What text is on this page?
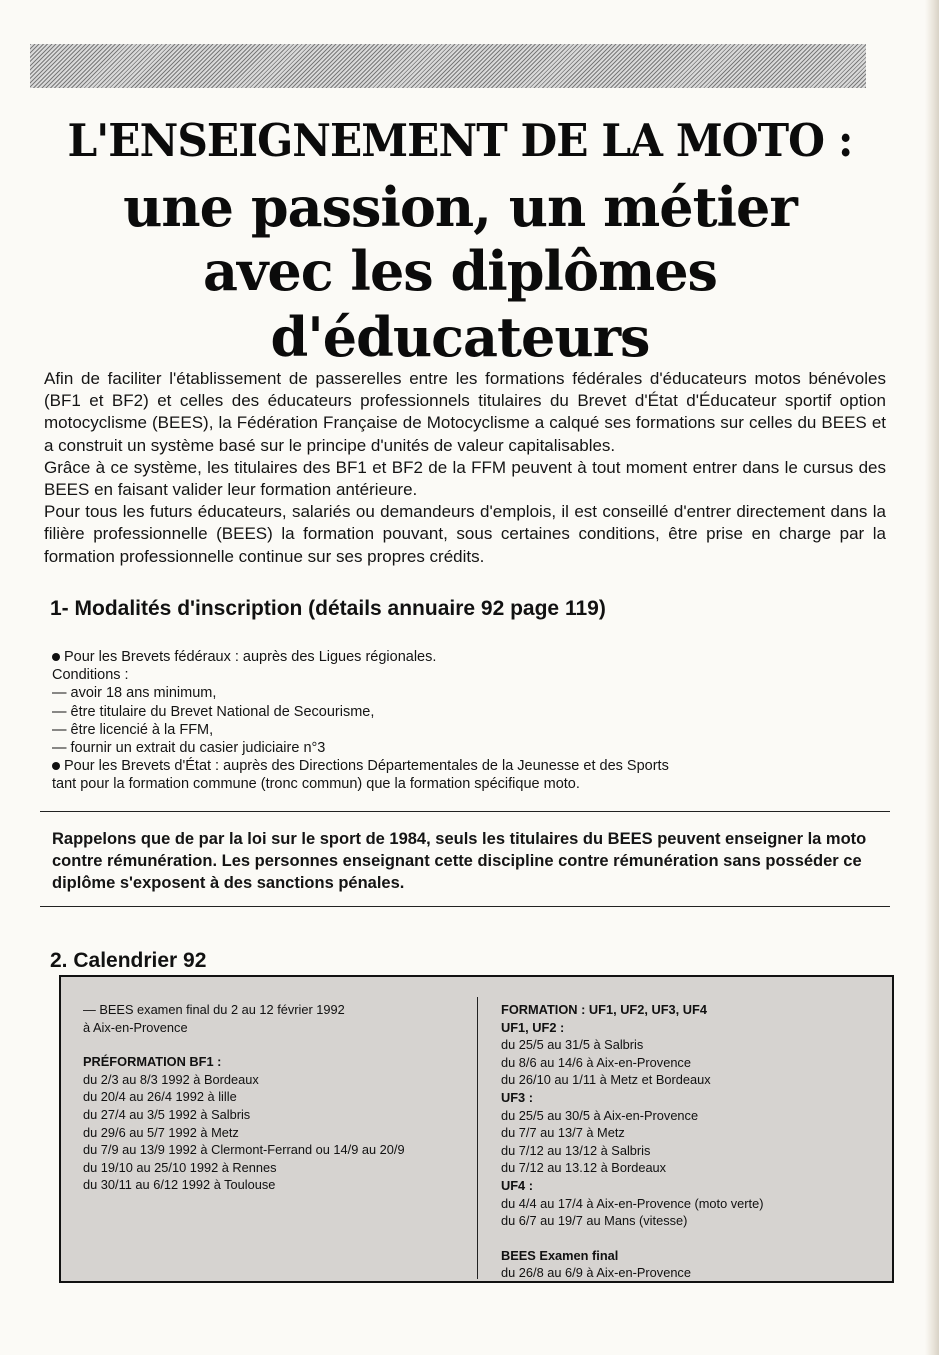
L'ENSEIGNEMENT DE LA MOTO :
une passion, un métier
avec les diplômes d'éducateurs

Afin de faciliter l'établissement de passerelles entre les formations fédérales d'éducateurs motos bénévoles (BF1 et BF2) et celles des éducateurs professionnels titulaires du Brevet d'État d'Éducateur sportif option motocyclisme (BEES), la Fédération Française de Motocyclisme a calqué ses formations sur celles du BEES et a construit un système basé sur le principe d'unités de valeur capitalisables.

Grâce à ce système, les titulaires des BF1 et BF2 de la FFM peuvent à tout moment entrer dans le cursus des BEES en faisant valider leur formation antérieure.

Pour tous les futurs éducateurs, salariés ou demandeurs d'emplois, il est conseillé d'entrer directement dans la filière professionnelle (BEES) la formation pouvant, sous certaines conditions, être prise en charge par la formation professionnelle continue sur ses propres crédits.

1- Modalités d'inscription (détails annuaire 92 page 119)
Pour les Brevets fédéraux : auprès des Ligues régionales.
Conditions :
— avoir 18 ans minimum,
— être titulaire du Brevet National de Secourisme,
— être licencié à la FFM,
— fournir un extrait du casier judiciaire n°3
Pour les Brevets d'État : auprès des Directions Départementales de la Jeunesse et des Sports
tant pour la formation commune (tronc commun) que la formation spécifique moto.
Rappelons que de par la loi sur le sport de 1984, seuls les titulaires du BEES peuvent enseigner la moto contre rémunération. Les personnes enseignant cette discipline contre rémunération sans posséder ce diplôme s'exposent à des sanctions pénales.
2. Calendrier 92
— BEES examen final du 2 au 12 février 1992
à Aix-en-Provence
PRÉFORMATION BF1 :
du 2/3 au 8/3 1992 à Bordeaux
du 20/4 au 26/4 1992 à lille
du 27/4 au 3/5 1992 à Salbris
du 29/6 au 5/7 1992 à Metz
du 7/9 au 13/9 1992 à Clermont-Ferrand ou 14/9 au 20/9
du 19/10 au 25/10 1992 à Rennes
du 30/11 au 6/12 1992 à Toulouse
FORMATION : UF1, UF2, UF3, UF4
UF1, UF2 :
du 25/5 au 31/5 à Salbris
du 8/6 au 14/6 à Aix-en-Provence
du 26/10 au 1/11 à Metz et Bordeaux
UF3 :
du 25/5 au 30/5 à Aix-en-Provence
du 7/7 au 13/7 à Metz
du 7/12 au 13/12 à Salbris
du 7/12 au 13.12 à Bordeaux
UF4 :
du 4/4 au 17/4 à Aix-en-Provence (moto verte)
du 6/7 au 19/7 au Mans (vitesse)
BEES Examen final
du 26/8 au 6/9 à Aix-en-Provence
